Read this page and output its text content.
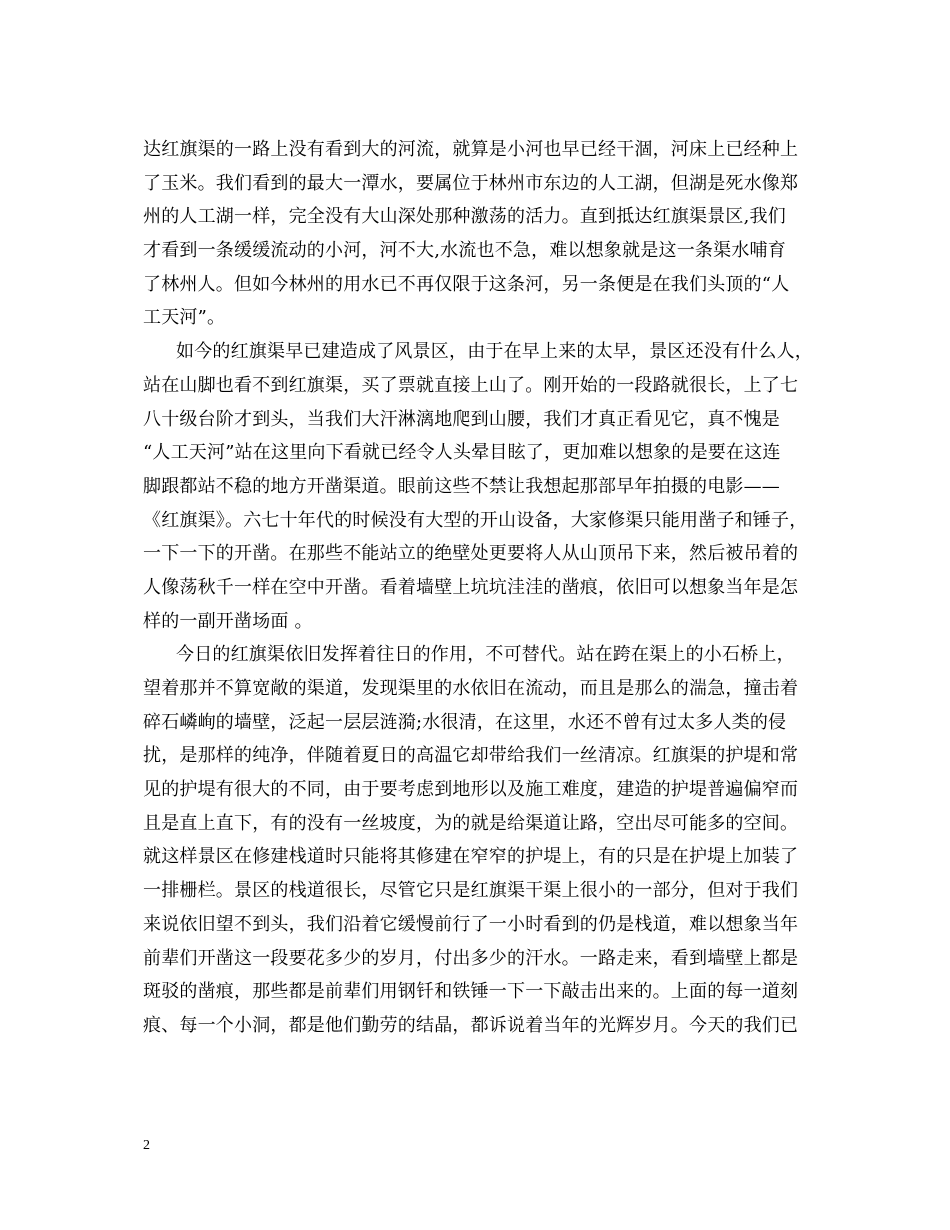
达红旗渠的一路上没有看到大的河流，就算是小河也早已经干涸，河床上已经种上
了玉米。我们看到的最大一潭水，要属位于林州市东边的人工湖，但湖是死水像郑
州的人工湖一样，完全没有大山深处那种激荡的活力。直到抵达红旗渠景区,我们
才看到一条缓缓流动的小河，河不大,水流也不急，难以想象就是这一条渠水哺育
了林州人。但如今林州的用水已不再仅限于这条河，另一条便是在我们头顶的“人
工天河”。
如今的红旗渠早已建造成了风景区，由于在早上来的太早，景区还没有什么人，
站在山脚也看不到红旗渠，买了票就直接上山了。刚开始的一段路就很长，上了七
八十级台阶才到头，当我们大汗淋漓地爬到山腰，我们才真正看见它，真不愧是
“人工天河”站在这里向下看就已经令人头晕目眩了，更加难以想象的是要在这连
脚跟都站不稳的地方开凿渠道。眼前这些不禁让我想起那部早年拍摄的电影——
《红旗渠》。六七十年代的时候没有大型的开山设备，大家修渠只能用凿子和锤子，
一下一下的开凿。在那些不能站立的绝壁处更要将人从山顶吊下来，然后被吊着的
人像荡秋千一样在空中开凿。看着墙壁上坑坑洼洼的凿痕，依旧可以想象当年是怎
样的一副开凿场面 。
今日的红旗渠依旧发挥着往日的作用，不可替代。站在跨在渠上的小石桥上，
望着那并不算宽敞的渠道，发现渠里的水依旧在流动，而且是那么的湍急，撞击着
碎石嶙峋的墙壁，泛起一层层涟漪;水很清，在这里，水还不曾有过太多人类的侵
扰，是那样的纯净，伴随着夏日的高温它却带给我们一丝清凉。红旗渠的护堤和常
见的护堤有很大的不同，由于要考虑到地形以及施工难度，建造的护堤普遍偏窄而
且是直上直下，有的没有一丝坡度，为的就是给渠道让路，空出尽可能多的空间。
就这样景区在修建栈道时只能将其修建在窄窄的护堤上，有的只是在护堤上加装了
一排栅栏。景区的栈道很长，尽管它只是红旗渠干渠上很小的一部分，但对于我们
来说依旧望不到头，我们沿着它缓慢前行了一小时看到的仍是栈道，难以想象当年
前辈们开凿这一段要花多少的岁月，付出多少的汗水。一路走来，看到墙壁上都是
斑驳的凿痕，那些都是前辈们用钢钎和铁锤一下一下敲击出来的。上面的每一道刻
痕、每一个小洞，都是他们勤劳的结晶，都诉说着当年的光辉岁月。今天的我们已
2
